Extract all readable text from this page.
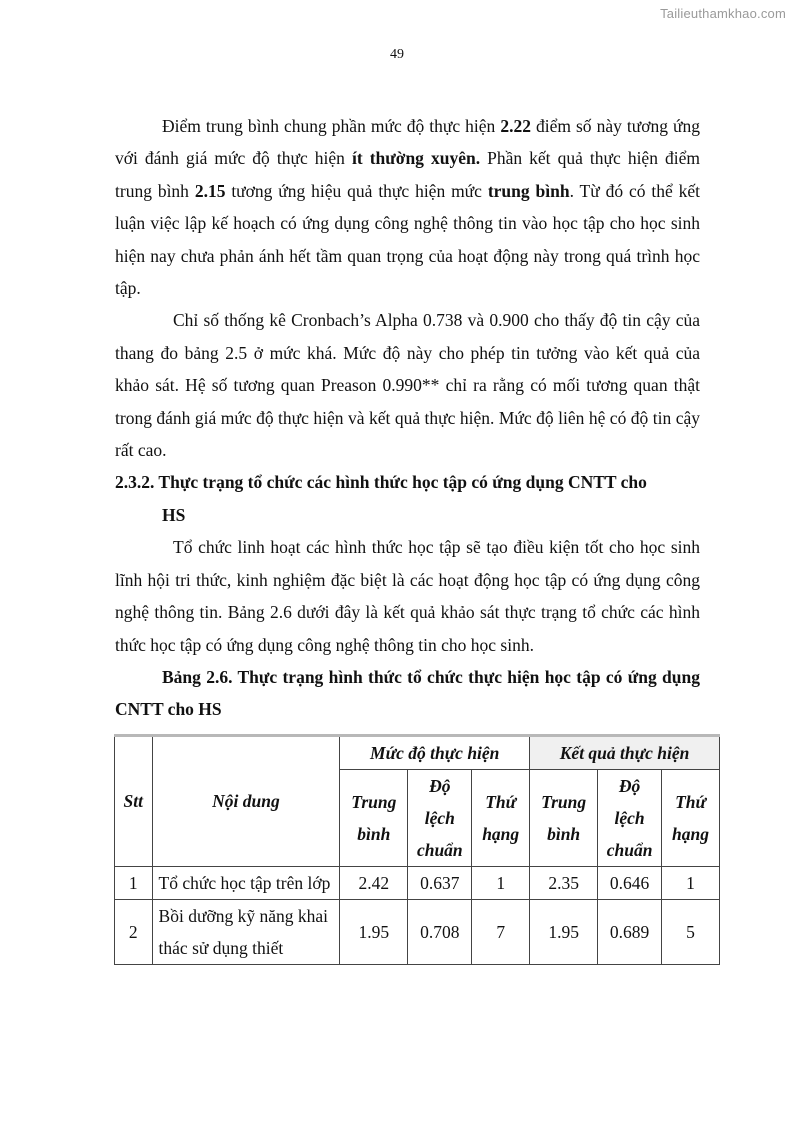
Tailieuthamkhao.com
49

Điểm trung bình chung phần mức độ thực hiện 2.22 điểm số này tương ứng với đánh giá mức độ thực hiện ít thường xuyên. Phần kết quả thực hiện điểm trung bình 2.15 tương ứng hiệu quả thực hiện mức trung bình. Từ đó có thể kết luận việc lập kế hoạch có ứng dụng công nghệ thông tin vào học tập cho học sinh hiện nay chưa phản ánh hết tầm quan trọng của hoạt động này trong quá trình học tập.

Chỉ số thống kê Cronbach’s Alpha 0.738 và 0.900 cho thấy độ tin cậy của thang đo bảng 2.5 ở mức khá. Mức độ này cho phép tin tưởng vào kết quả của khảo sát. Hệ số tương quan Preason 0.990** chỉ ra rằng có mối tương quan thật trong đánh giá mức độ thực hiện và kết quả thực hiện. Mức độ liên hệ có độ tin cậy rất cao.

2.3.2. Thực trạng tổ chức các hình thức học tập có ứng dụng CNTT cho
HS

Tổ chức linh hoạt các hình thức học tập sẽ tạo điều kiện tốt cho học sinh lĩnh hội tri thức, kinh nghiệm đặc biệt là các hoạt động học tập có ứng dụng công nghệ thông tin. Bảng 2.6 dưới đây là kết quả khảo sát thực trạng tổ chức các hình thức học tập có ứng dụng công nghệ thông tin cho học sinh.

Bảng 2.6. Thực trạng hình thức tổ chức thực hiện học tập có ứng dụng CNTT cho HS

Stt	Nội dung	Mức độ thực hiện			Kết quả thực hiện		
		Trung bình	Độ lệch chuẩn	Thứ hạng	Trung bình	Độ lệch chuẩn	Thứ hạng
1	Tổ chức học tập trên lớp	2.42	0.637	1	2.35	0.646	1
2	Bồi dưỡng kỹ năng khai thác sử dụng thiết	1.95	0.708	7	1.95	0.689	5
